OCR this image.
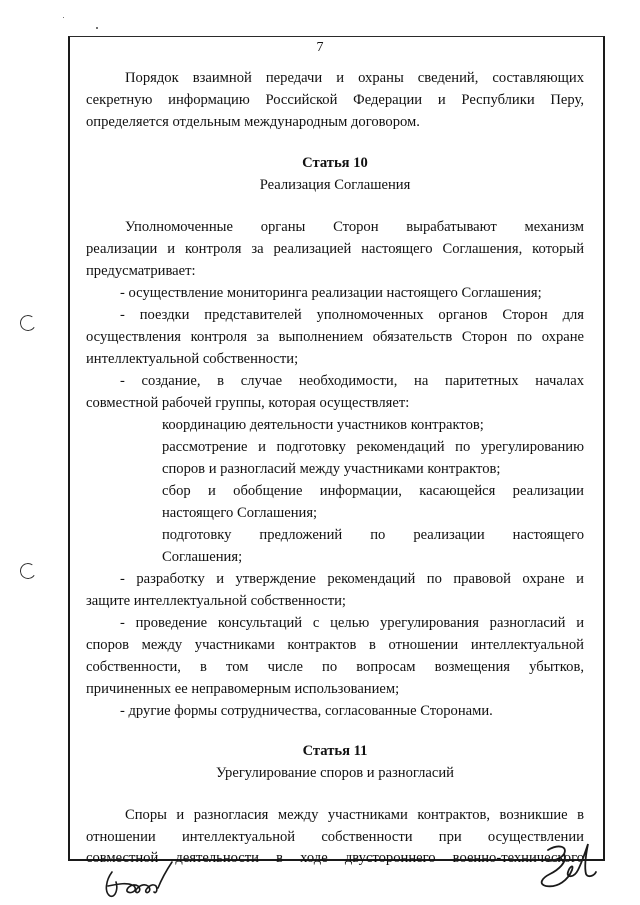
7
Порядок взаимной передачи и охраны сведений, составляющих
секретную информацию Российской Федерации и Республики Перу,
определяется отдельным международным договором.
Статья 10
Реализация Соглашения
Уполномоченные органы Сторон вырабатывают механизм
реализации и контроля за реализацией настоящего Соглашения, который
предусматривает:
- осуществление мониторинга реализации настоящего Соглашения;
- поездки представителей уполномоченных органов Сторон для
осуществления контроля за выполнением обязательств Сторон по охране
интеллектуальной собственности;
- создание, в случае необходимости, на паритетных началах
совместной рабочей группы, которая осуществляет:
координацию деятельности участников контрактов;
рассмотрение и подготовку рекомендаций по урегулированию
споров и разногласий между участниками контрактов;
сбор и обобщение информации, касающейся реализации
настоящего Соглашения;
подготовку предложений по реализации настоящего
Соглашения;
- разработку и утверждение рекомендаций по правовой охране и
защите интеллектуальной собственности;
- проведение консультаций с целью урегулирования разногласий и
споров между участниками контрактов в отношении интеллектуальной
собственности, в том числе по вопросам возмещения убытков,
причиненных ее неправомерным использованием;
- другие формы сотрудничества, согласованные Сторонами.
Статья 11
Урегулирование споров и разногласий
Споры и разногласия между участниками контрактов, возникшие в
отношении интеллектуальной собственности при осуществлении
совместной деятельности в ходе двустороннего военно-технического
